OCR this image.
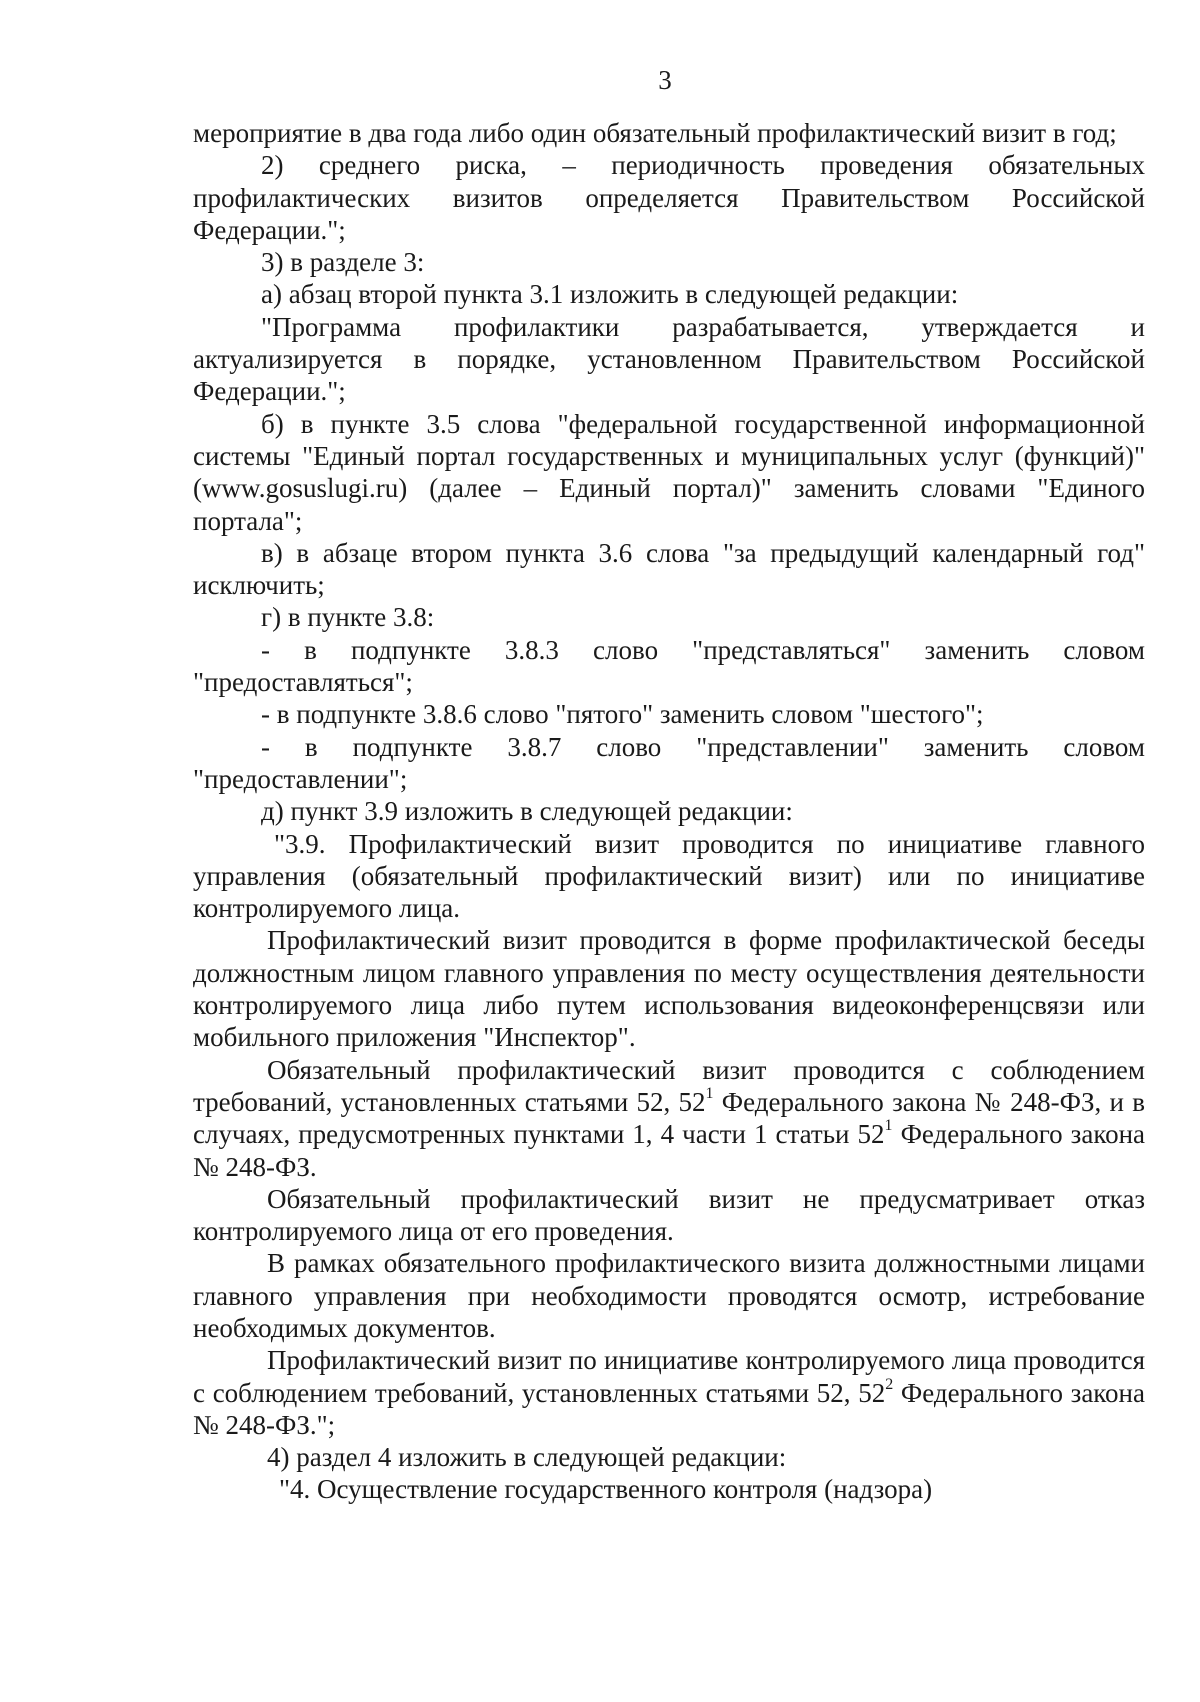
3

мероприятие в два года либо один обязательный профилактический визит в год;

2) среднего риска, – периодичность проведения обязательных профилактических визитов определяется Правительством Российской Федерации.";

3) в разделе 3:

а) абзац второй пункта 3.1 изложить в следующей редакции:

"Программа профилактики разрабатывается, утверждается и актуализируется в порядке, установленном Правительством Российской Федерации.";

б) в пункте 3.5 слова "федеральной государственной информационной системы "Единый портал государственных и муниципальных услуг (функций)" (www.gosuslugi.ru) (далее – Единый портал)" заменить словами "Единого портала";

в) в абзаце втором пункта 3.6 слова "за предыдущий календарный год" исключить;

г) в пункте 3.8:

- в подпункте 3.8.3 слово "представляться" заменить словом "предоставляться";

- в подпункте 3.8.6 слово "пятого" заменить словом "шестого";

- в подпункте 3.8.7 слово "представлении" заменить словом "предоставлении";

д) пункт 3.9 изложить в следующей редакции:

"3.9. Профилактический визит проводится по инициативе главного управления (обязательный профилактический визит) или по инициативе контролируемого лица.

Профилактический визит проводится в форме профилактической беседы должностным лицом главного управления по месту осуществления деятельности контролируемого лица либо путем использования видеоконференцсвязи или мобильного приложения "Инспектор".

Обязательный профилактический визит проводится с соблюдением требований, установленных статьями 52, $52^1$ Федерального закона № 248-ФЗ, и в случаях, предусмотренных пунктами 1, 4 части 1 статьи $52^1$ Федерального закона № 248-ФЗ.

Обязательный профилактический визит не предусматривает отказ контролируемого лица от его проведения.

В рамках обязательного профилактического визита должностными лицами главного управления при необходимости проводятся осмотр, истребование необходимых документов.

Профилактический визит по инициативе контролируемого лица проводится с соблюдением требований, установленных статьями 52, $52^2$ Федерального закона № 248-ФЗ.";

4) раздел 4 изложить в следующей редакции:

"4. Осуществление государственного контроля (надзора)
